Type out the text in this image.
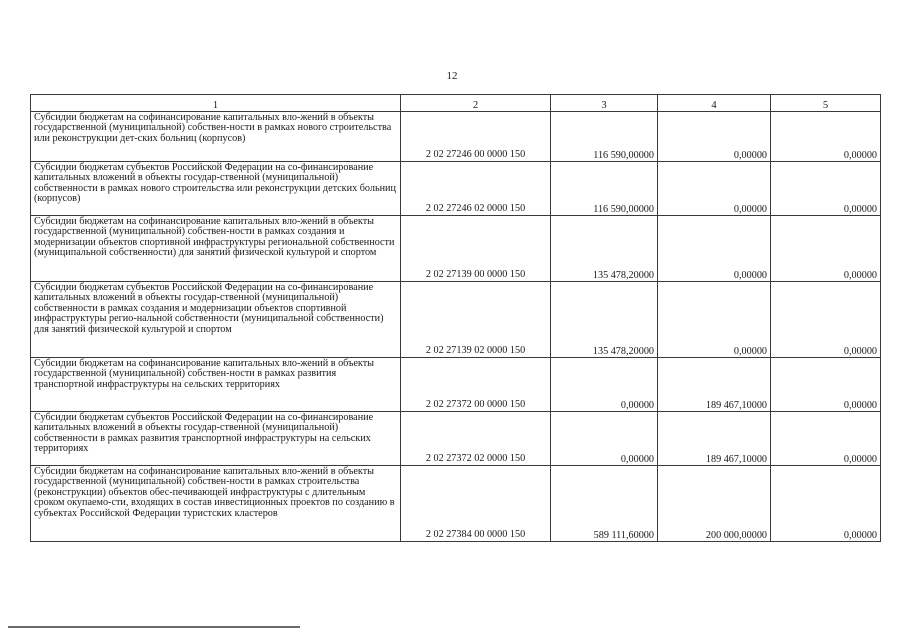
12
1	2	3	4	5
Субсидии бюджетам на софинансирование капитальных вло-жений в объекты государственной (муниципальной) собствен-ности в рамках нового строительства или реконструкции дет-ских больниц (корпусов)	2 02 27246 00 0000 150	116 590,00000	0,00000	0,00000
Субсидии бюджетам субъектов Российской Федерации на со-финансирование капитальных вложений в объекты государ-ственной (муниципальной) собственности в рамках нового строительства или реконструкции детских больниц (корпусов)	2 02 27246 02 0000 150	116 590,00000	0,00000	0,00000
Субсидии бюджетам на софинансирование капитальных вло-жений в объекты государственной (муниципальной) собствен-ности в рамках создания и модернизации объектов спортивной инфраструктуры региональной собственности (муниципальной собственности) для занятий физической культурой и спортом	2 02 27139 00 0000 150	135 478,20000	0,00000	0,00000
Субсидии бюджетам субъектов Российской Федерации на со-финансирование капитальных вложений в объекты государ-ственной (муниципальной) собственности в рамках создания и модернизации объектов спортивной инфраструктуры регио-нальной собственности (муниципальной собственности) для занятий физической культурой и спортом	2 02 27139 02 0000 150	135 478,20000	0,00000	0,00000
Субсидии бюджетам на софинансирование капитальных вло-жений в объекты государственной (муниципальной) собствен-ности в рамках развития транспортной инфраструктуры на сельских территориях	2 02 27372 00 0000 150	0,00000	189 467,10000	0,00000
Субсидии бюджетам субъектов Российской Федерации на со-финансирование капитальных вложений в объекты государ-ственной (муниципальной) собственности в рамках развития транспортной инфраструктуры на сельских территориях	2 02 27372 02 0000 150	0,00000	189 467,10000	0,00000
Субсидии бюджетам на софинансирование капитальных вло-жений в объекты государственной (муниципальной) собствен-ности в рамках строительства (реконструкции) объектов обес-печивающей инфраструктуры с длительным сроком окупаемо-сти, входящих в состав инвестиционных проектов по созданию в субъектах Российской Федерации туристских кластеров	2 02 27384 00 0000 150	589 111,60000	200 000,00000	0,00000
